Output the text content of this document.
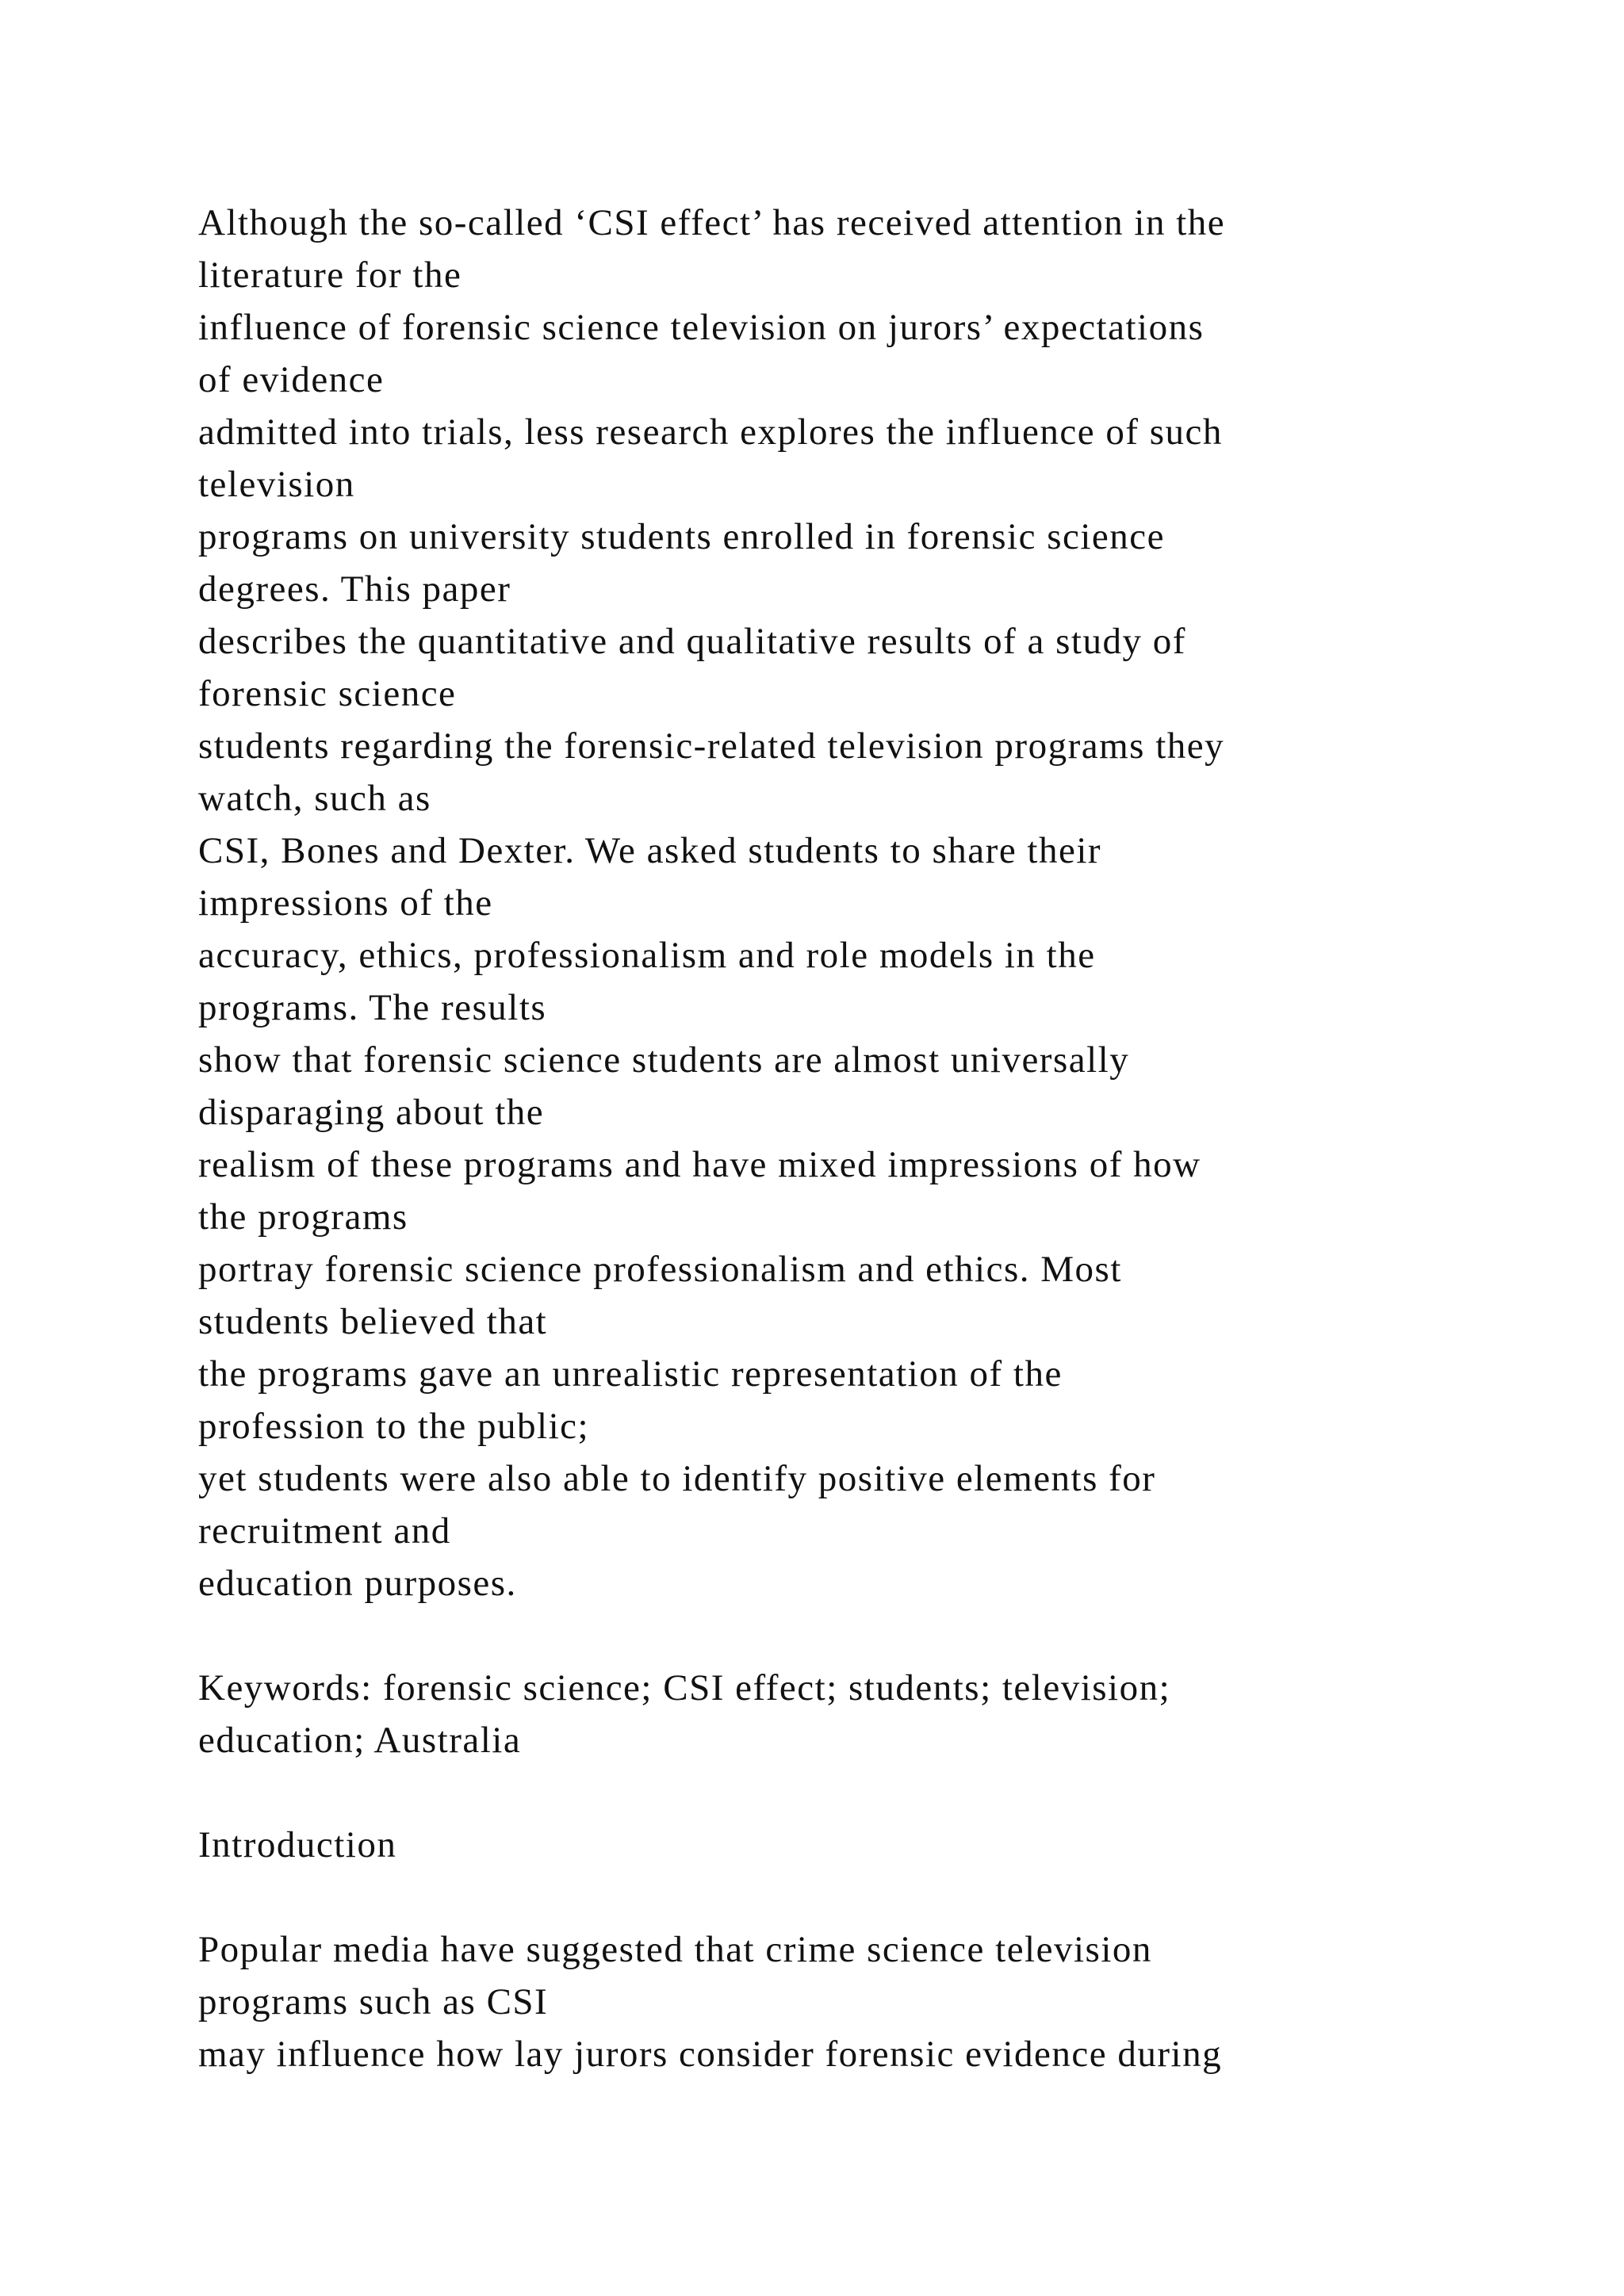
Although the so-called ‘CSI effect’ has received attention in the
literature for the
influence of forensic science television on jurors’ expectations
of evidence
admitted into trials, less research explores the influence of such
television
programs on university students enrolled in forensic science
degrees. This paper
describes the quantitative and qualitative results of a study of
forensic science
students regarding the forensic-related television programs they
watch, such as
CSI, Bones and Dexter. We asked students to share their
impressions of the
accuracy, ethics, professionalism and role models in the
programs. The results
show that forensic science students are almost universally
disparaging about the
realism of these programs and have mixed impressions of how
the programs
portray forensic science professionalism and ethics. Most
students believed that
the programs gave an unrealistic representation of the
profession to the public;
yet students were also able to identify positive elements for
recruitment and
education purposes.
Keywords: forensic science; CSI effect; students; television;
education; Australia
Introduction
Popular media have suggested that crime science television
programs such as CSI
may influence how lay jurors consider forensic evidence during
